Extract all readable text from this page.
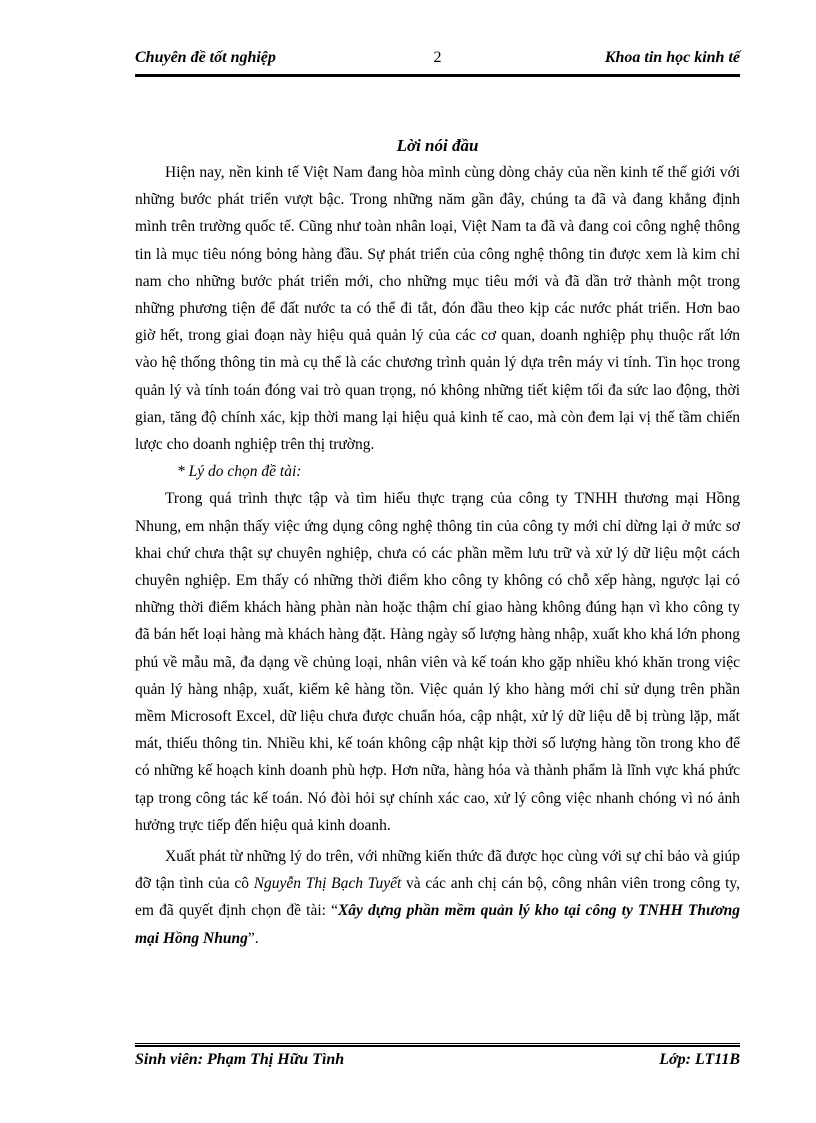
Chuyên đề tốt nghiệp	2	Khoa tin học kinh tế
Lời nói đầu

Hiện nay, nền kinh tế Việt Nam đang hòa mình cùng dòng chảy của nền kinh tế thế giới với những bước phát triển vượt bậc. Trong những năm gần đây, chúng ta đã và đang khẳng định mình trên trường quốc tế. Cũng như toàn nhân loại, Việt Nam ta đã và đang coi công nghệ thông tin là mục tiêu nóng bỏng hàng đầu. Sự phát triển của công nghệ thông tin được xem là kim chỉ nam cho những bước phát triển mới, cho những mục tiêu mới và đã dần trở thành một trong những phương tiện để đất nước ta có thể đi tắt, đón đầu theo kịp các nước phát triển. Hơn bao giờ hết, trong giai đoạn này hiệu quả quản lý của các cơ quan, doanh nghiệp phụ thuộc rất lớn vào hệ thống thông tin mà cụ thể là các chương trình quản lý dựa trên máy vi tính. Tin học trong quản lý và tính toán đóng vai trò quan trọng, nó không những tiết kiệm tối đa sức lao động, thời gian, tăng độ chính xác, kịp thời mang lại hiệu quả kinh tế cao, mà còn đem lại vị thế tầm chiến lược cho doanh nghiệp trên thị trường.

* Lý do chọn đề tài:

Trong quá trình thực tập và tìm hiểu thực trạng của công ty TNHH thương mại Hồng Nhung, em nhận thấy việc ứng dụng công nghệ thông tin của công ty mới chỉ dừng lại ở mức sơ khai chứ chưa thật sự chuyên nghiệp, chưa có các phần mềm lưu trữ và xử lý dữ liệu một cách chuyên nghiệp. Em thấy có những thời điểm kho công ty không có chỗ xếp hàng, ngược lại có những thời điểm khách hàng phàn nàn hoặc thậm chí giao hàng không đúng hạn vì kho công ty đã bán hết loại hàng mà khách hàng đặt. Hàng ngày số lượng hàng nhập, xuất kho khá lớn phong phú về mẫu mã, đa dạng về chủng loại, nhân viên và kế toán kho gặp nhiều khó khăn trong việc quản lý hàng nhập, xuất, kiểm kê hàng tồn. Việc quản lý kho hàng mới chỉ sử dụng trên phần mềm Microsoft Excel, dữ liệu chưa được chuẩn hóa, cập nhật, xử lý dữ liệu dễ bị trùng lặp, mất mát, thiếu thông tin. Nhiều khi, kế toán không cập nhật kịp thời số lượng hàng tồn trong kho để có những kế hoạch kinh doanh phù hợp. Hơn nữa, hàng hóa và thành phẩm là lĩnh vực khá phức tạp trong công tác kế toán. Nó đòi hỏi sự chính xác cao, xử lý công việc nhanh chóng vì nó ảnh hưởng trực tiếp đến hiệu quả kinh doanh.

Xuất phát từ những lý do trên, với những kiến thức đã được học cùng với sự chỉ bảo và giúp đỡ tận tình của cô Nguyễn Thị Bạch Tuyết và các anh chị cán bộ, công nhân viên trong công ty, em đã quyết định chọn đề tài: “Xây dựng phần mềm quản lý kho tại công ty TNHH Thương mại Hồng Nhung”.

Sinh viên: Phạm Thị Hữu Tình	Lớp: LT11B
